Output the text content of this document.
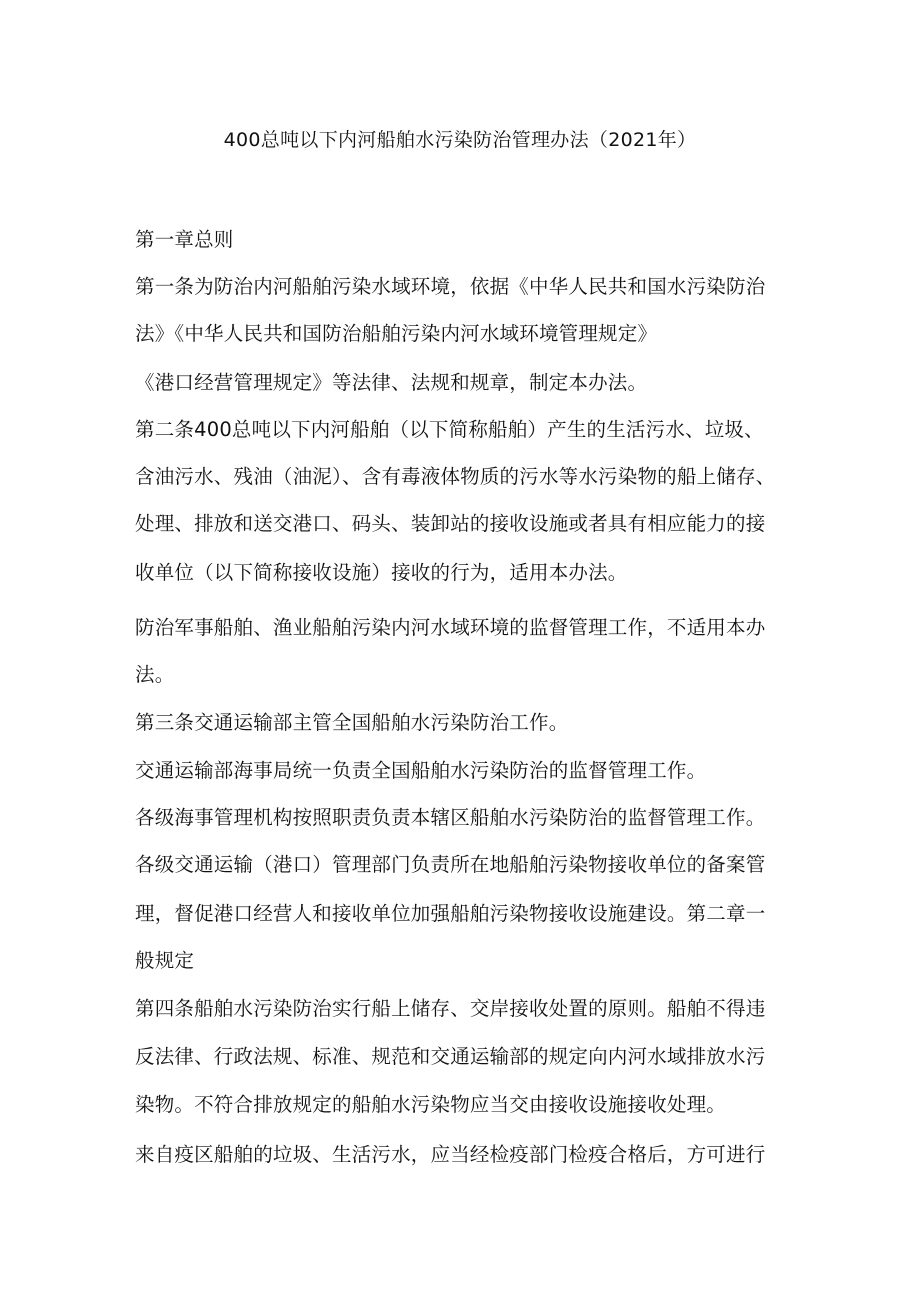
400总吨以下内河船舶水污染防治管理办法（2021年）
第一章总则
第一条为防治内河船舶污染水域环境，依据《中华人民共和国水污染防治
法》《中华人民共和国防治船舶污染内河水域环境管理规定》
《港口经营管理规定》等法律、法规和规章，制定本办法。
第二条400总吨以下内河船舶（以下简称船舶）产生的生活污水、垃圾、
含油污水、残油（油泥）、含有毒液体物质的污水等水污染物的船上储存、
处理、排放和送交港口、码头、装卸站的接收设施或者具有相应能力的接
收单位（以下简称接收设施）接收的行为，适用本办法。
防治军事船舶、渔业船舶污染内河水域环境的监督管理工作，不适用本办
法。
第三条交通运输部主管全国船舶水污染防治工作。
交通运输部海事局统一负责全国船舶水污染防治的监督管理工作。
各级海事管理机构按照职责负责本辖区船舶水污染防治的监督管理工作。
各级交通运输（港口）管理部门负责所在地船舶污染物接收单位的备案管
理，督促港口经营人和接收单位加强船舶污染物接收设施建设。第二章一
般规定
第四条船舶水污染防治实行船上储存、交岸接收处置的原则。船舶不得违
反法律、行政法规、标准、规范和交通运输部的规定向内河水域排放水污
染物。不符合排放规定的船舶水污染物应当交由接收设施接收处理。
来自疫区船舶的垃圾、生活污水，应当经检疫部门检疫合格后，方可进行
